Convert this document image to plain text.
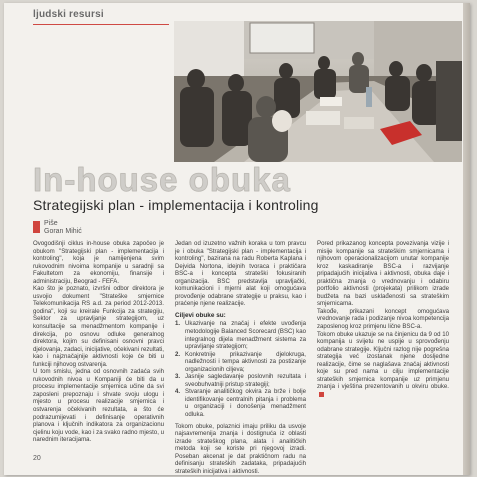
ljudski resursi
In-house obuka
Strategijski plan - implementacija i kontroling
Piše
Goran Mihić

Ovogodišnji ciklus in-house obuka započeo je obukom "Strategijski plan - implementacija i kontroling", koja je namijenjena svim rukovodnim nivoima kompanije u saradnji sa Fakultetom za ekonomiju, finansije i administraciju, Beograd - FEFA.

Kao što je poznato, izvršni odbor direktora je usvojio dokument "Strateške smjernice Telekomunikacija RS a.d. za period 2012-2013. godina", koji su kreirale Funkcija za strategiju, Sektor za upravljanje strategijom, uz konsultacije sa menadžmentom kompanije i direkcija, po osnovu odluke generalnog direktora, kojim su definisani osnovni pravci djelovanja, zadaci, inicijative, očekivani rezultati, kao i najznačajnije aktivnosti koje će biti u funkciji njihovog ostvarenja.

U tom smislu, jedna od osnovnih zadaća svih rukovodnih nivoa u Kompaniji će biti da u procesu implementacije smjernica učine da svi zaposleni prepoznaju i shvate svoju ulogu i mjesto u procesu realizacije smjernica i ostvarenja očekivanih rezultata, a što će podrazumijevati i definisanje operativnih planova i ključnih indikatora za organizacionu cjelinu koju vode, kao i za svako radno mjesto, u narednim iteracijama.

Jedan od izuzetno važnih koraka u tom pravcu je i obuka "Strategijski plan - implementacija i kontroling", bazirana na radu Roberta Kaplana i Dejvida Nortona, idejnih tvoraca i praktičara BSC-a i koncepta strateški fokusiranih organizacija. BSC predstavlja upravljački, komunikacioni i mjerni alat koji omogućava provođenje odabrane strategije u praksu, kao i praćenje njene realizacije.

Ciljevi obuke su:
1. Ukazivanje na značaj i efekte uvođenja metodologije Balanced Scorecard (BSC) kao integralnog dijela menadžment sistema za upravljanje strategijom;
2. Konkretnije prikazivanje djelokruga, nadležnosti i tempa aktivnosti za postizanje organizacionih ciljeva;
3. Jasnije sagledavanje poslovnih rezultata i sveobuhvatniji pristup strategiji;
4. Stvaranje analitičkog okvira za brže i bolje identifikovanje centralnih pitanja i problema u organizaciji i donošenja menadžment odluka.

Tokom obuke, polaznici imaju priliku da usvoje najsavremenija znanja i dostignuća iz oblasti izrade strateškog plana, alata i analitičkih metoda koji se koriste pri njegovoj izradi. Poseban akcenat je dat praktičnom radu na definisanju strateških zadataka, pripadajućih strateških inicijativa i aktivnosti.

Pored prikazanog koncepta povezivanja vizije i misije kompanije sa strateškim smjernicama i njihovom operacionalizacijom unutar kompanije kroz kaskadiranje BSC-a i razvijanje pripadajućih inicijativa i aktivnosti, obuka daje i praktična znanja o vrednovanju i odabiru portfolio aktivnosti (projekata) prilikom izrade budžeta na bazi usklađenosti sa strateškim smjernicama.

Takođe, prikazani koncept omogućava vrednovanje rada i podizanje nivoa kompetencija zaposlenog kroz primjenu lične BSC-a.

Tokom obuke ukazuje se na činjenicu da 9 od 10 kompanija u svijetu ne uspije u sprovođenju odabrane strategije. Ključni razlog nije pogrešna strategija već izostanak njene dosljedne realizacije, čime se naglašava značaj aktivnosti koje su pred nama u cilju implementacije strateških smjernica kompanije uz primjenu znanja i vještina prezentovanih u okviru obuke.

20
